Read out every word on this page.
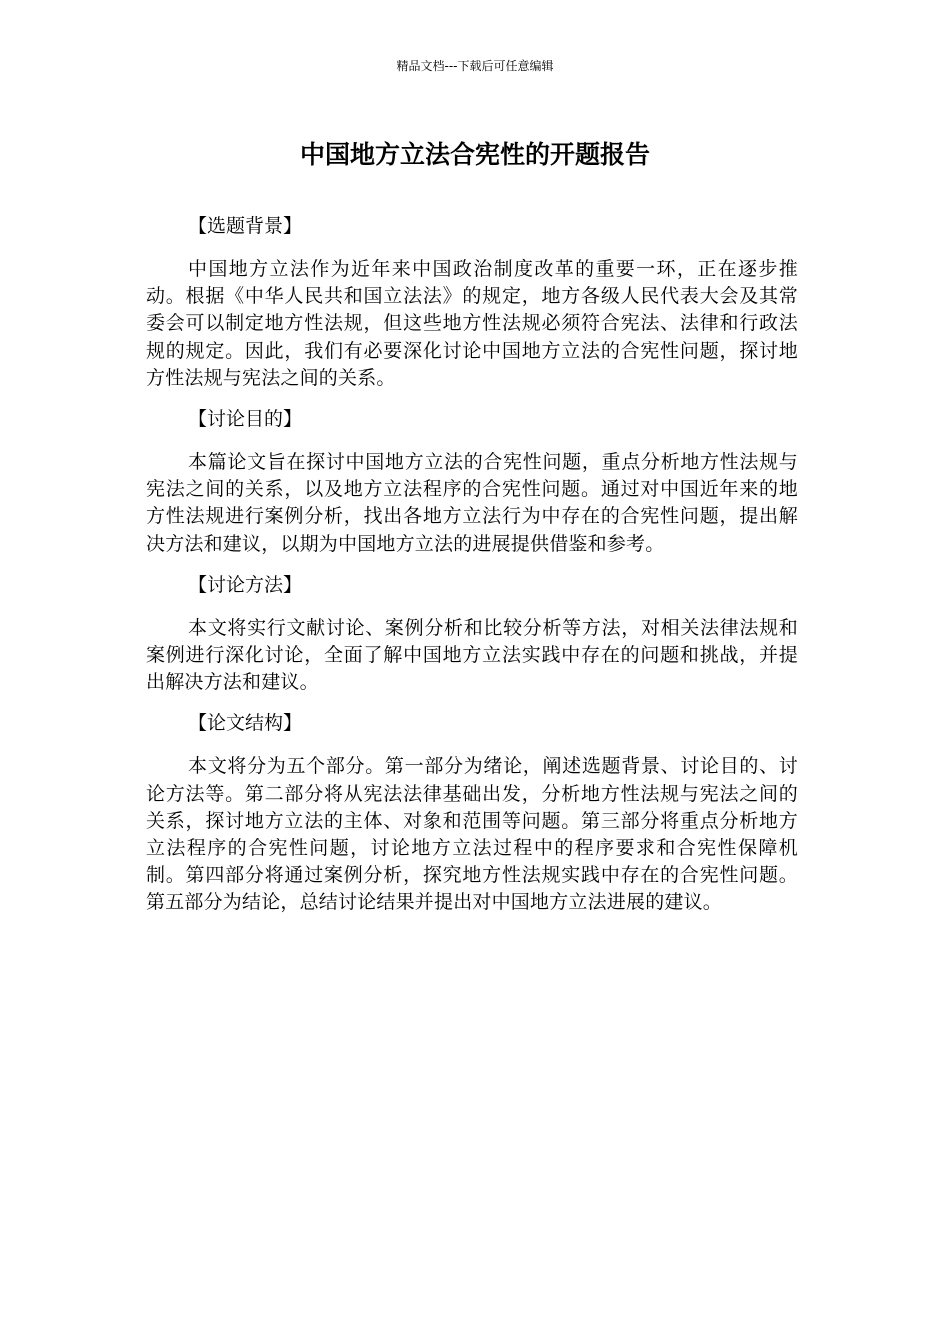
精品文档---下载后可任意编辑
中国地方立法合宪性的开题报告

【选题背景】

中国地方立法作为近年来中国政治制度改革的重要一环，正在逐步推动。根据《中华人民共和国立法法》的规定，地方各级人民代表大会及其常委会可以制定地方性法规，但这些地方性法规必须符合宪法、法律和行政法规的规定。因此，我们有必要深化讨论中国地方立法的合宪性问题，探讨地方性法规与宪法之间的关系。

【讨论目的】

本篇论文旨在探讨中国地方立法的合宪性问题，重点分析地方性法规与宪法之间的关系，以及地方立法程序的合宪性问题。通过对中国近年来的地方性法规进行案例分析，找出各地方立法行为中存在的合宪性问题，提出解决方法和建议，以期为中国地方立法的进展提供借鉴和参考。

【讨论方法】

本文将实行文献讨论、案例分析和比较分析等方法，对相关法律法规和案例进行深化讨论，全面了解中国地方立法实践中存在的问题和挑战，并提出解决方法和建议。

【论文结构】

本文将分为五个部分。第一部分为绪论，阐述选题背景、讨论目的、讨论方法等。第二部分将从宪法法律基础出发，分析地方性法规与宪法之间的关系，探讨地方立法的主体、对象和范围等问题。第三部分将重点分析地方立法程序的合宪性问题，讨论地方立法过程中的程序要求和合宪性保障机制。第四部分将通过案例分析，探究地方性法规实践中存在的合宪性问题。第五部分为结论，总结讨论结果并提出对中国地方立法进展的建议。
